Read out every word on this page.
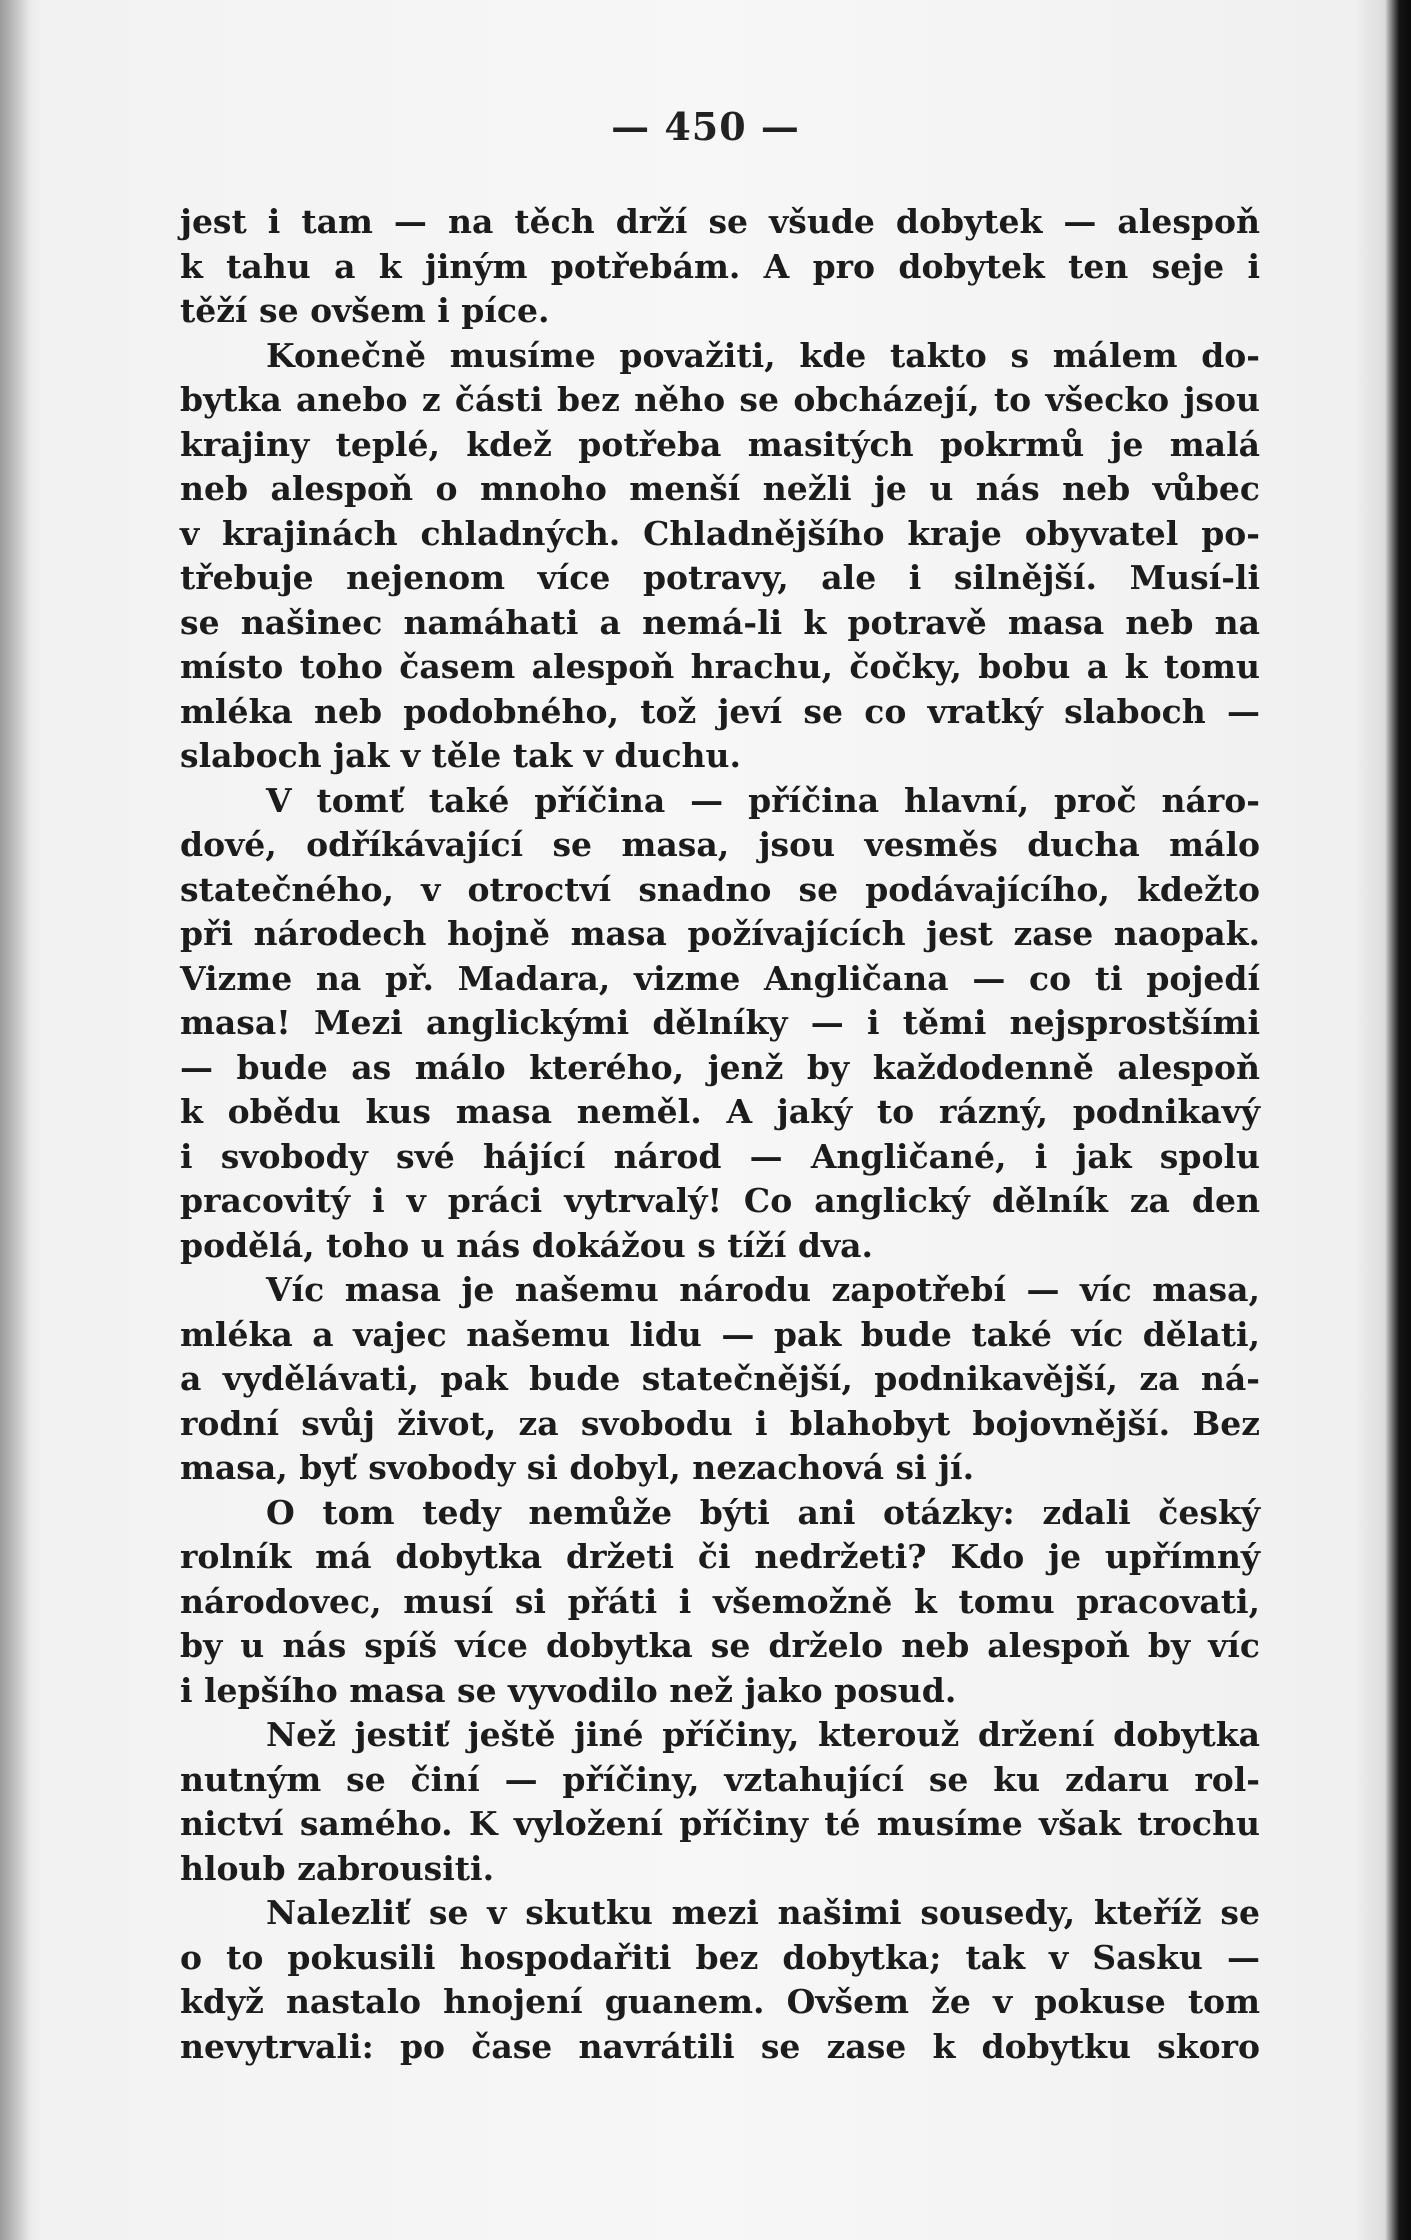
— 450 —
jest i tam — na těch drží se všude dobytek — alespoň
k tahu a k jiným potřebám. A pro dobytek ten seje i
těží se ovšem i píce.
Konečně musíme považiti, kde takto s málem do-
bytka anebo z části bez něho se obcházejí, to všecko jsou
krajiny teplé, kdež potřeba masitých pokrmů je malá
neb alespoň o mnoho menší nežli je u nás neb vůbec
v krajinách chladných. Chladnějšího kraje obyvatel po-
třebuje nejenom více potravy, ale i silnější. Musí-li
se našinec namáhati a nemá-li k potravě masa neb na
místo toho časem alespoň hrachu, čočky, bobu a k tomu
mléka neb podobného, tož jeví se co vratký slaboch —
slaboch jak v těle tak v duchu.
V tomť také příčina — příčina hlavní, proč náro-
dové, odříkávající se masa, jsou vesměs ducha málo
statečného, v otroctví snadno se podávajícího, kdežto
při národech hojně masa požívajících jest zase naopak.
Vizme na př. Madara, vizme Angličana — co ti pojedí
masa! Mezi anglickými dělníky — i těmi nejsprostšími
— bude as málo kterého, jenž by každodenně alespoň
k obědu kus masa neměl. A jaký to rázný, podnikavý
i svobody své hájící národ — Angličané, i jak spolu
pracovitý i v práci vytrvalý! Co anglický dělník za den
podělá, toho u nás dokážou s tíží dva.
Víc masa je našemu národu zapotřebí — víc masa,
mléka a vajec našemu lidu — pak bude také víc dělati,
a vydělávati, pak bude statečnější, podnikavější, za ná-
rodní svůj život, za svobodu i blahobyt bojovnější. Bez
masa, byť svobody si dobyl, nezachová si jí.
O tom tedy nemůže býti ani otázky: zdali český
rolník má dobytka držeti či nedržeti? Kdo je upřímný
národovec, musí si přáti i všemožně k tomu pracovati,
by u nás spíš více dobytka se drželo neb alespoň by víc
i lepšího masa se vyvodilo než jako posud.
Než jestiť ještě jiné příčiny, kterouž držení dobytka
nutným se činí — příčiny, vztahující se ku zdaru rol-
nictví samého. K vyložení příčiny té musíme však trochu
hloub zabrousiti.
Nalezliť se v skutku mezi našimi sousedy, kteříž se
o to pokusili hospodařiti bez dobytka; tak v Sasku —
když nastalo hnojení guanem. Ovšem že v pokuse tom
nevytrvali: po čase navrátili se zase k dobytku skoro
